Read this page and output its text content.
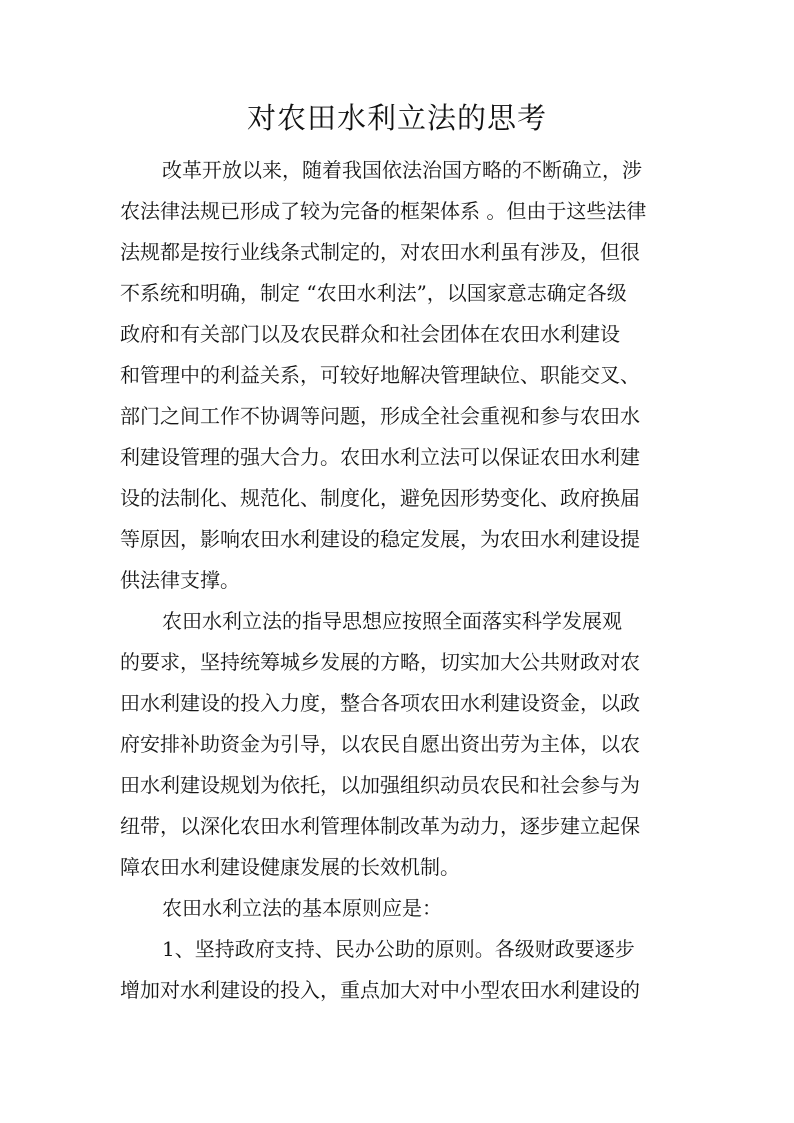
对农田水利立法的思考
改革开放以来，随着我国依法治国方略的不断确立，涉
农法律法规已形成了较为完备的框架体系 。但由于这些法律
法规都是按行业线条式制定的，对农田水利虽有涉及，但很
不系统和明确，制定 “农田水利法”，以国家意志确定各级
政府和有关部门以及农民群众和社会团体在农田水利建设
和管理中的利益关系，可较好地解决管理缺位、职能交叉、
部门之间工作不协调等问题，形成全社会重视和参与农田水
利建设管理的强大合力。农田水利立法可以保证农田水利建
设的法制化、规范化、制度化，避免因形势变化、政府换届
等原因，影响农田水利建设的稳定发展，为农田水利建设提
供法律支撑。
农田水利立法的指导思想应按照全面落实科学发展观
的要求，坚持统筹城乡发展的方略，切实加大公共财政对农
田水利建设的投入力度，整合各项农田水利建设资金，以政
府安排补助资金为引导，以农民自愿出资出劳为主体，以农
田水利建设规划为依托，以加强组织动员农民和社会参与为
纽带，以深化农田水利管理体制改革为动力，逐步建立起保
障农田水利建设健康发展的长效机制。
农田水利立法的基本原则应是：
1、坚持政府支持、民办公助的原则。各级财政要逐步
增加对水利建设的投入，重点加大对中小型农田水利建设的
